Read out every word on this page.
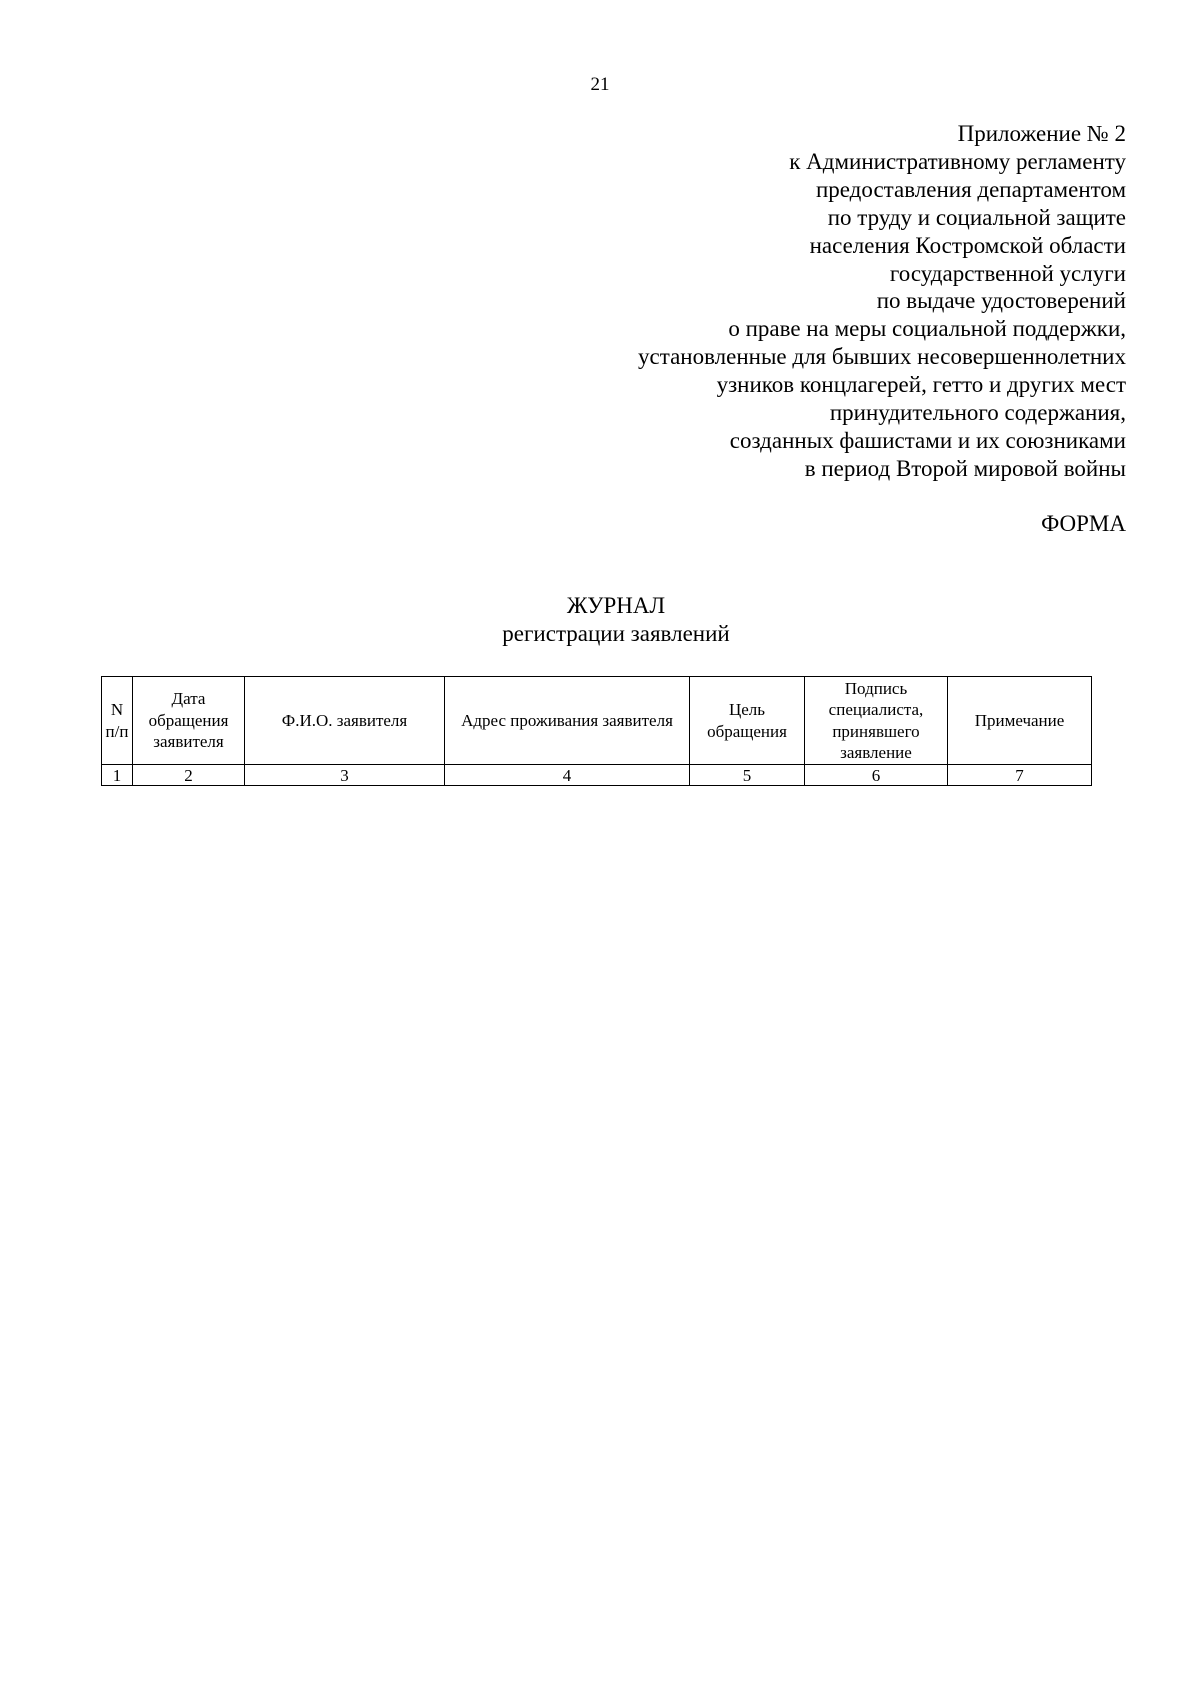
21
Приложение № 2
к Административному регламенту
предоставления департаментом
по труду и социальной защите
населения Костромской области
государственной услуги
по выдаче удостоверений
о праве на меры социальной поддержки,
установленные для бывших несовершеннолетних
узников концлагерей, гетто и других мест
принудительного содержания,
созданных фашистами и их союзниками
в период Второй мировой войны
ФОРМА
ЖУРНАЛ
регистрации заявлений
N п/п	Дата обращения заявителя	Ф.И.О. заявителя	Адрес проживания заявителя	Цель обращения	Подпись специалиста, принявшего заявление	Примечание
1	2	3	4	5	6	7
